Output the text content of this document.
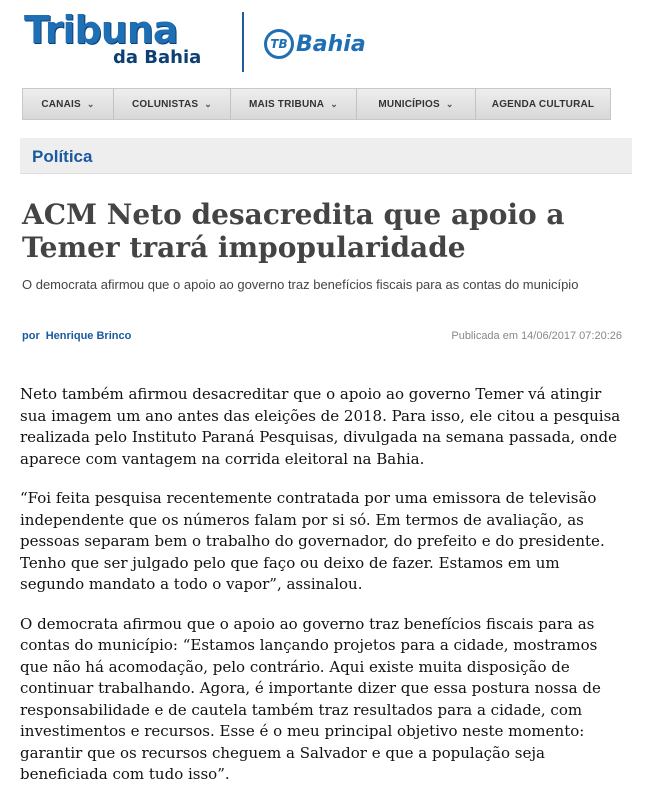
Tribuna
da Bahia
TB Bahia
CANAIS ⌄	COLUNISTAS ⌄	MAIS TRIBUNA ⌄	MUNICÍPIOS ⌄	AGENDA CULTURAL
Política
ACM Neto desacredita que apoio a Temer trará impopularidade
O democrata afirmou que o apoio ao governo traz benefícios fiscais para as contas do município
por Henrique Brinco	Publicada em 14/06/2017 07:20:26

Neto também afirmou desacreditar que o apoio ao governo Temer vá atingir sua imagem um ano antes das eleições de 2018. Para isso, ele citou a pesquisa realizada pelo Instituto Paraná Pesquisas, divulgada na semana passada, onde aparece com vantagem na corrida eleitoral na Bahia.

“Foi feita pesquisa recentemente contratada por uma emissora de televisão independente que os números falam por si só. Em termos de avaliação, as pessoas separam bem o trabalho do governador, do prefeito e do presidente. Tenho que ser julgado pelo que faço ou deixo de fazer. Estamos em um segundo mandato a todo o vapor”, assinalou.

O democrata afirmou que o apoio ao governo traz benefícios fiscais para as contas do município: “Estamos lançando projetos para a cidade, mostramos que não há acomodação, pelo contrário. Aqui existe muita disposição de continuar trabalhando. Agora, é importante dizer que essa postura nossa de responsabilidade e de cautela também traz resultados para a cidade, com investimentos e recursos. Esse é o meu principal objetivo neste momento: garantir que os recursos cheguem a Salvador e que a população seja beneficiada com tudo isso”.
